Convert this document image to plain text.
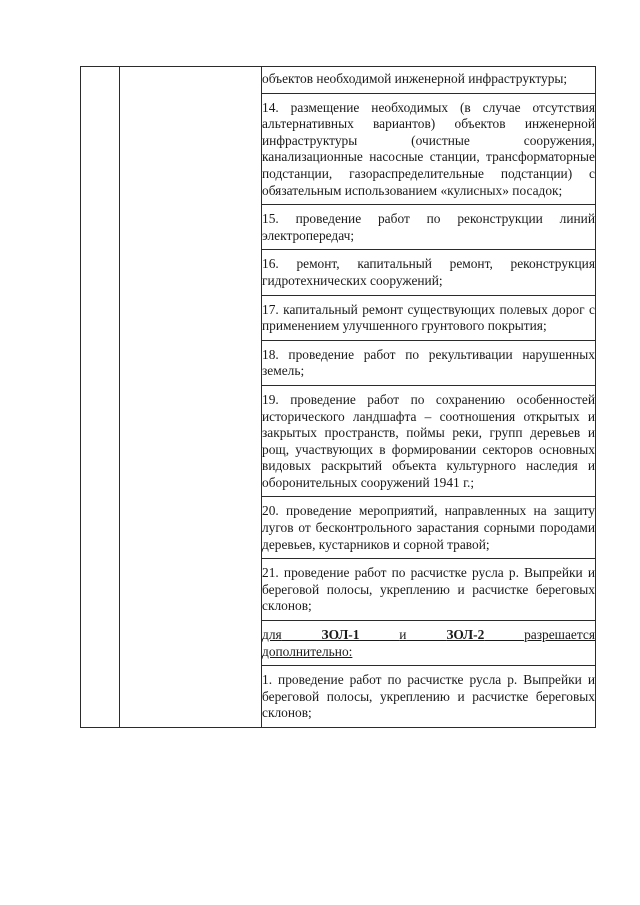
объектов необходимой инженерной инфраструктуры;
14. размещение необходимых (в случае отсутствия альтернативных вариантов) объектов инженерной инфраструктуры (очистные сооружения, канализационные насосные станции, трансформаторные подстанции, газораспределительные подстанции) с обязательным использованием «кулисных» посадок;
15. проведение работ по реконструкции линий электропередач;
16. ремонт, капитальный ремонт, реконструкция гидротехнических сооружений;
17. капитальный ремонт существующих полевых дорог с применением улучшенного грунтового покрытия;
18. проведение работ по рекультивации нарушенных земель;
19. проведение работ по сохранению особенностей исторического ландшафта – соотношения открытых и закрытых пространств, поймы реки, групп деревьев и рощ, участвующих в формировании секторов основных видовых раскрытий объекта культурного наследия и оборонительных сооружений 1941 г.;
20. проведение мероприятий, направленных на защиту лугов от бесконтрольного зарастания сорными породами деревьев, кустарников и сорной травой;
21. проведение работ по расчистке русла р. Выпрейки и береговой полосы, укреплению и расчистке береговых склонов;
для	ЗОЛ-1	и	ЗОЛ-2	разрешается
дополнительно:
1. проведение работ по расчистке русла р. Выпрейки и береговой полосы, укреплению и расчистке береговых склонов;
